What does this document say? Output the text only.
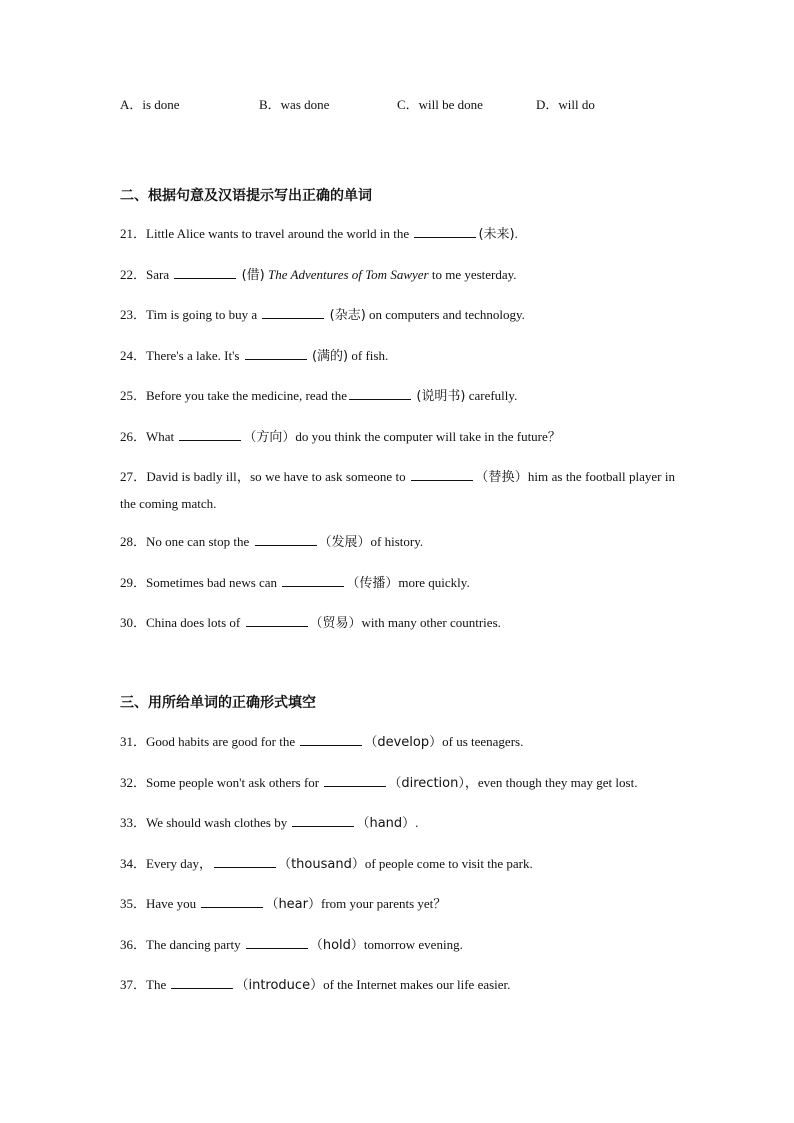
A．is done	B．was done	C．will be done	D．will do
二、根据句意及汉语提示写出正确的单词
21．Little Alice wants to travel around the world in the	(未来).
22．Sara	(借) The Adventures of Tom Sawyer to me yesterday.
23．Tim is going to buy a	(杂志) on computers and technology.
24．There's a lake. It's	(满的) of fish.
25．Before you take the medicine, read the	(说明书) carefully.
26．What	（方向）do you think the computer will take in the future？
27．David is badly ill，so we have to ask someone to	（替换）him as the football player in the coming match.
28．No one can stop the	（发展）of history.
29．Sometimes bad news can	（传播）more quickly.
30．China does lots of	（贸易）with many other countries.
三、用所给单词的正确形式填空
31．Good habits are good for the	（develop）of us teenagers.
32．Some people won't ask others for	（direction），even though they may get lost.
33．We should wash clothes by	（hand）.
34．Every day，	（thousand）of people come to visit the park.
35．Have you	（hear）from your parents yet？
36．The dancing party	（hold）tomorrow evening.
37．The	（introduce）of the Internet makes our life easier.
